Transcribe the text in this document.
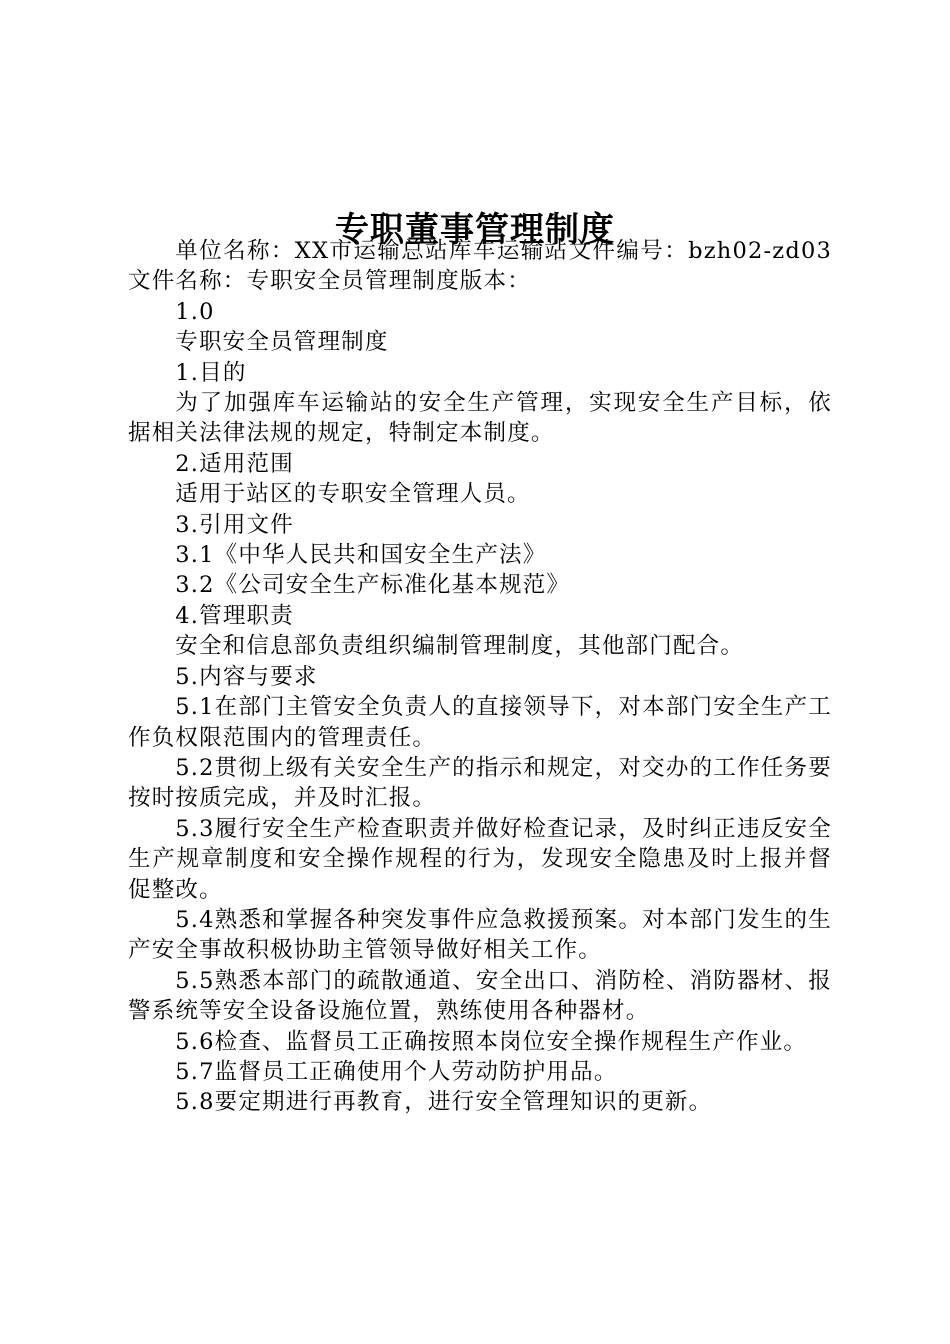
专职董事管理制度

单位名称：XX市运输总站库车运输站文件编号：bzh02-zd03文件名称：专职安全员管理制度版本：

1.0

专职安全员管理制度

1.目的

为了加强库车运输站的安全生产管理，实现安全生产目标，依据相关法律法规的规定，特制定本制度。

2.适用范围

适用于站区的专职安全管理人员。

3.引用文件

3.1《中华人民共和国安全生产法》

3.2《公司安全生产标准化基本规范》

4.管理职责

安全和信息部负责组织编制管理制度，其他部门配合。

5.内容与要求

5.1在部门主管安全负责人的直接领导下，对本部门安全生产工作负权限范围内的管理责任。

5.2贯彻上级有关安全生产的指示和规定，对交办的工作任务要按时按质完成，并及时汇报。

5.3履行安全生产检查职责并做好检查记录，及时纠正违反安全生产规章制度和安全操作规程的行为，发现安全隐患及时上报并督促整改。

5.4熟悉和掌握各种突发事件应急救援预案。对本部门发生的生产安全事故积极协助主管领导做好相关工作。

5.5熟悉本部门的疏散通道、安全出口、消防栓、消防器材、报警系统等安全设备设施位置，熟练使用各种器材。

5.6检查、监督员工正确按照本岗位安全操作规程生产作业。

5.7监督员工正确使用个人劳动防护用品。

5.8要定期进行再教育，进行安全管理知识的更新。
